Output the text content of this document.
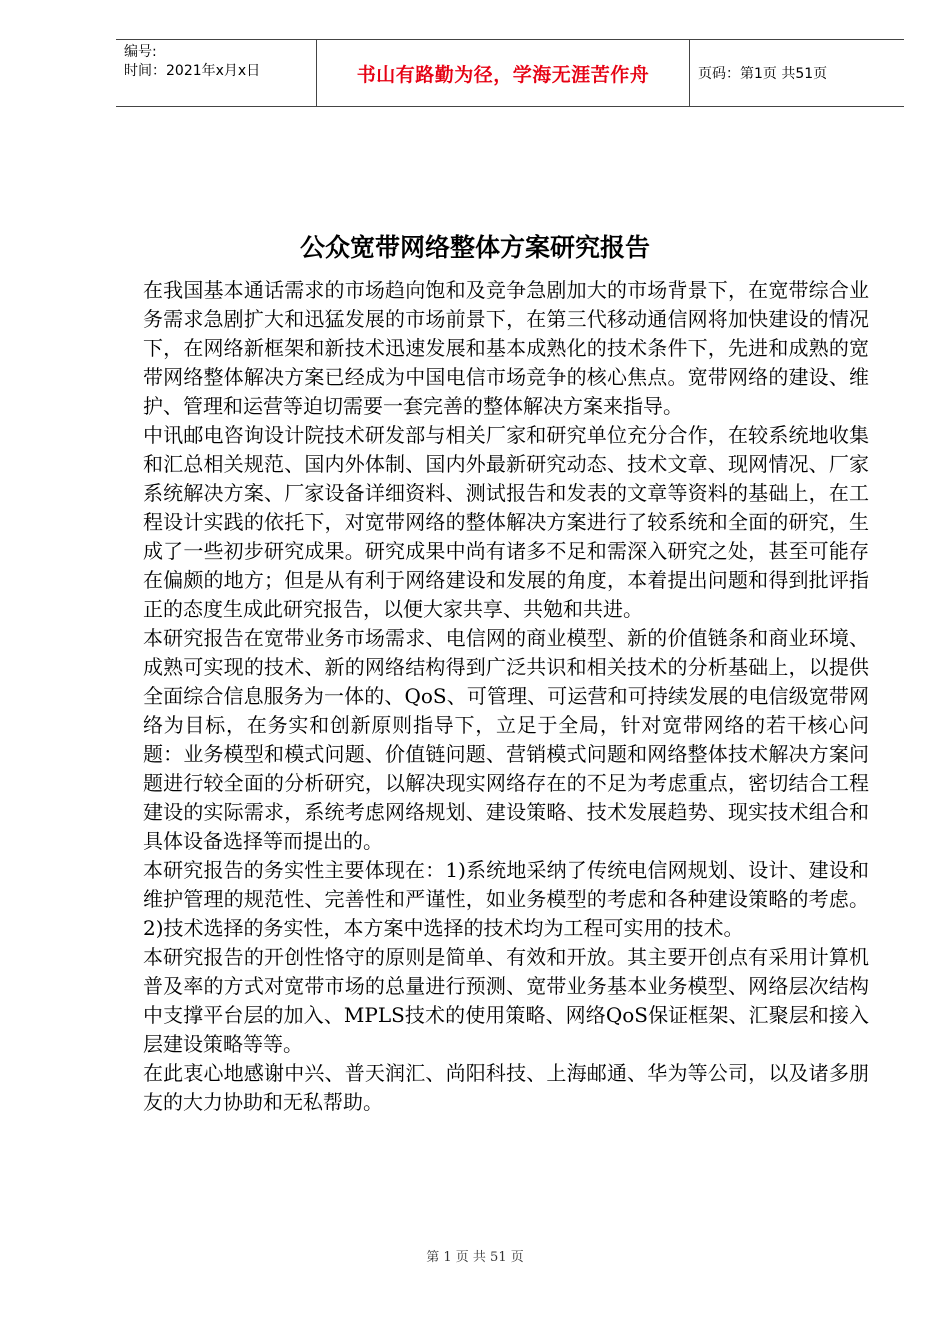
编号:
时间：2021年x月x日	书山有路勤为径，学海无涯苦作舟	页码：第1页 共51页
公众宽带网络整体方案研究报告

在我国基本通话需求的市场趋向饱和及竞争急剧加大的市场背景下，在宽带综合业务需求急剧扩大和迅猛发展的市场前景下，在第三代移动通信网将加快建设的情况下，在网络新框架和新技术迅速发展和基本成熟化的技术条件下，先进和成熟的宽带网络整体解决方案已经成为中国电信市场竞争的核心焦点。宽带网络的建设、维护、管理和运营等迫切需要一套完善的整体解决方案来指导。

中讯邮电咨询设计院技术研发部与相关厂家和研究单位充分合作，在较系统地收集和汇总相关规范、国内外体制、国内外最新研究动态、技术文章、现网情况、厂家系统解决方案、厂家设备详细资料、测试报告和发表的文章等资料的基础上，在工程设计实践的依托下，对宽带网络的整体解决方案进行了较系统和全面的研究，生成了一些初步研究成果。研究成果中尚有诸多不足和需深入研究之处，甚至可能存在偏颇的地方；但是从有利于网络建设和发展的角度，本着提出问题和得到批评指正的态度生成此研究报告，以便大家共享、共勉和共进。

本研究报告在宽带业务市场需求、电信网的商业模型、新的价值链条和商业环境、成熟可实现的技术、新的网络结构得到广泛共识和相关技术的分析基础上，以提供全面综合信息服务为一体的、QoS、可管理、可运营和可持续发展的电信级宽带网络为目标，在务实和创新原则指导下，立足于全局，针对宽带网络的若干核心问题：业务模型和模式问题、价值链问题、营销模式问题和网络整体技术解决方案问题进行较全面的分析研究，以解决现实网络存在的不足为考虑重点，密切结合工程建设的实际需求，系统考虑网络规划、建设策略、技术发展趋势、现实技术组合和具体设备选择等而提出的。

本研究报告的务实性主要体现在：1)系统地采纳了传统电信网规划、设计、建设和维护管理的规范性、完善性和严谨性，如业务模型的考虑和各种建设策略的考虑。2)技术选择的务实性，本方案中选择的技术均为工程可实用的技术。

本研究报告的开创性恪守的原则是简单、有效和开放。其主要开创点有采用计算机普及率的方式对宽带市场的总量进行预测、宽带业务基本业务模型、网络层次结构中支撑平台层的加入、MPLS技术的使用策略、网络QoS保证框架、汇聚层和接入层建设策略等等。

在此衷心地感谢中兴、普天润汇、尚阳科技、上海邮通、华为等公司，以及诸多朋友的大力协助和无私帮助。

第 1 页 共 51 页
